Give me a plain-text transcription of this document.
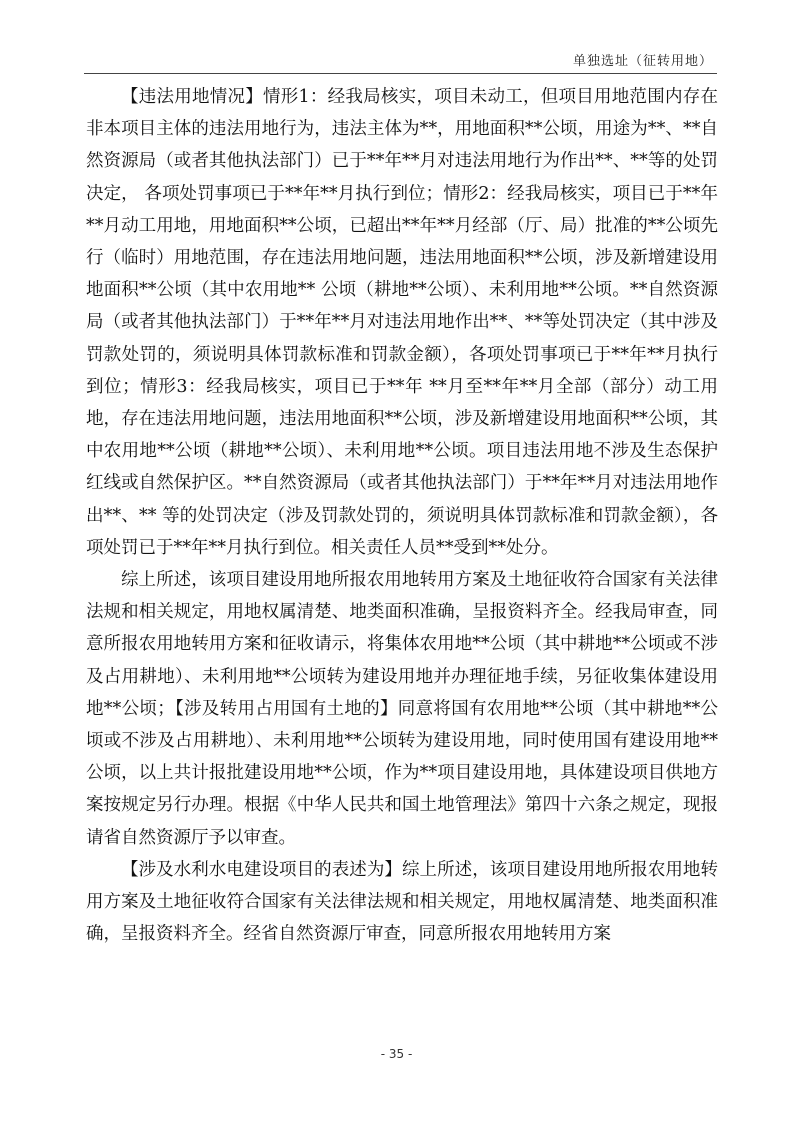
单独选址（征转用地）

【违法用地情况】情形1：经我局核实，项目未动工，但项目用地范围内存在非本项目主体的违法用地行为，违法主体为**，用地面积**公顷，用途为**、**自然资源局（或者其他执法部门）已于**年**月对违法用地行为作出**、**等的处罚决定， 各项处罚事项已于**年**月执行到位；情形2：经我局核实，项目已于**年 **月动工用地，用地面积**公顷，已超出**年**月经部（厅、局）批准的**公顷先行（临时）用地范围，存在违法用地问题，违法用地面积**公顷，涉及新增建设用地面积**公顷（其中农用地** 公顷（耕地**公顷）、未利用地**公顷。**自然资源局（或者其他执法部门）于**年**月对违法用地作出**、**等处罚决定（其中涉及罚款处罚的，须说明具体罚款标准和罚款金额），各项处罚事项已于**年**月执行到位；情形3：经我局核实，项目已于**年 **月至**年**月全部（部分）动工用地，存在违法用地问题，违法用地面积**公顷，涉及新增建设用地面积**公顷，其中农用地**公顷（耕地**公顷）、未利用地**公顷。项目违法用地不涉及生态保护红线或自然保护区。**自然资源局（或者其他执法部门）于**年**月对违法用地作出**、** 等的处罚决定（涉及罚款处罚的，须说明具体罚款标准和罚款金额），各项处罚已于**年**月执行到位。相关责任人员**受到**处分。

综上所述，该项目建设用地所报农用地转用方案及土地征收符合国家有关法律法规和相关规定，用地权属清楚、地类面积准确，呈报资料齐全。经我局审查，同意所报农用地转用方案和征收请示，将集体农用地**公顷（其中耕地**公顷或不涉及占用耕地）、未利用地**公顷转为建设用地并办理征地手续，另征收集体建设用地**公顷；【涉及转用占用国有土地的】同意将国有农用地**公顷（其中耕地**公顷或不涉及占用耕地）、未利用地**公顷转为建设用地，同时使用国有建设用地**公顷，以上共计报批建设用地**公顷，作为**项目建设用地，具体建设项目供地方案按规定另行办理。根据《中华人民共和国土地管理法》第四十六条之规定，现报请省自然资源厅予以审查。

【涉及水利水电建设项目的表述为】综上所述，该项目建设用地所报农用地转用方案及土地征收符合国家有关法律法规和相关规定，用地权属清楚、地类面积准确，呈报资料齐全。经省自然资源厅审查，同意所报农用地转用方案

- 35 -
